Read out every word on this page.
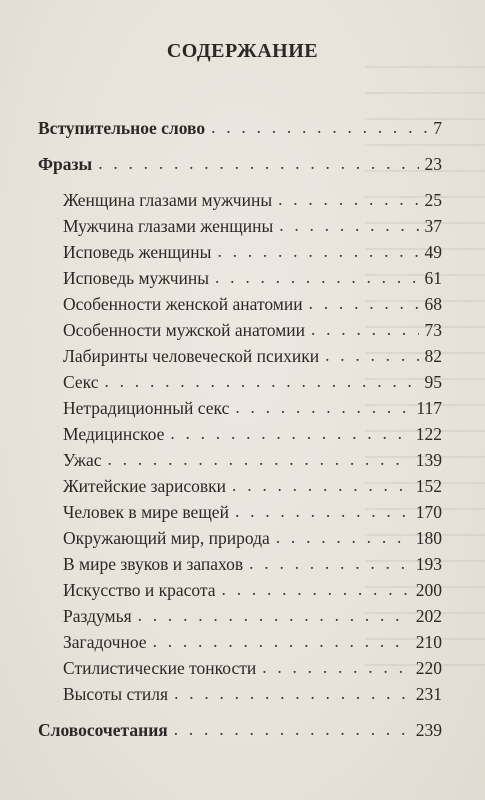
СОДЕРЖАНИЕ
Вступительное слово . . .	7
Фразы . . .	23
Женщина глазами мужчины . . .	25
Мужчина глазами женщины . . .	37
Исповедь женщины . . .	49
Исповедь мужчины . . .	61
Особенности женской анатомии . . .	68
Особенности мужской анатомии . . .	73
Лабиринты человеческой психики . . .	82
Секс . . .	95
Нетрадиционный секс . . .	117
Медицинское . . .	122
Ужас . . .	139
Житейские зарисовки . . .	152
Человек в мире вещей . . .	170
Окружающий мир, природа . . .	180
В мире звуков и запахов . . .	193
Искусство и красота . . .	200
Раздумья . . .	202
Загадочное . . .	210
Стилистические тонкости . . .	220
Высоты стиля . . .	231
Словосочетания . . .	239
